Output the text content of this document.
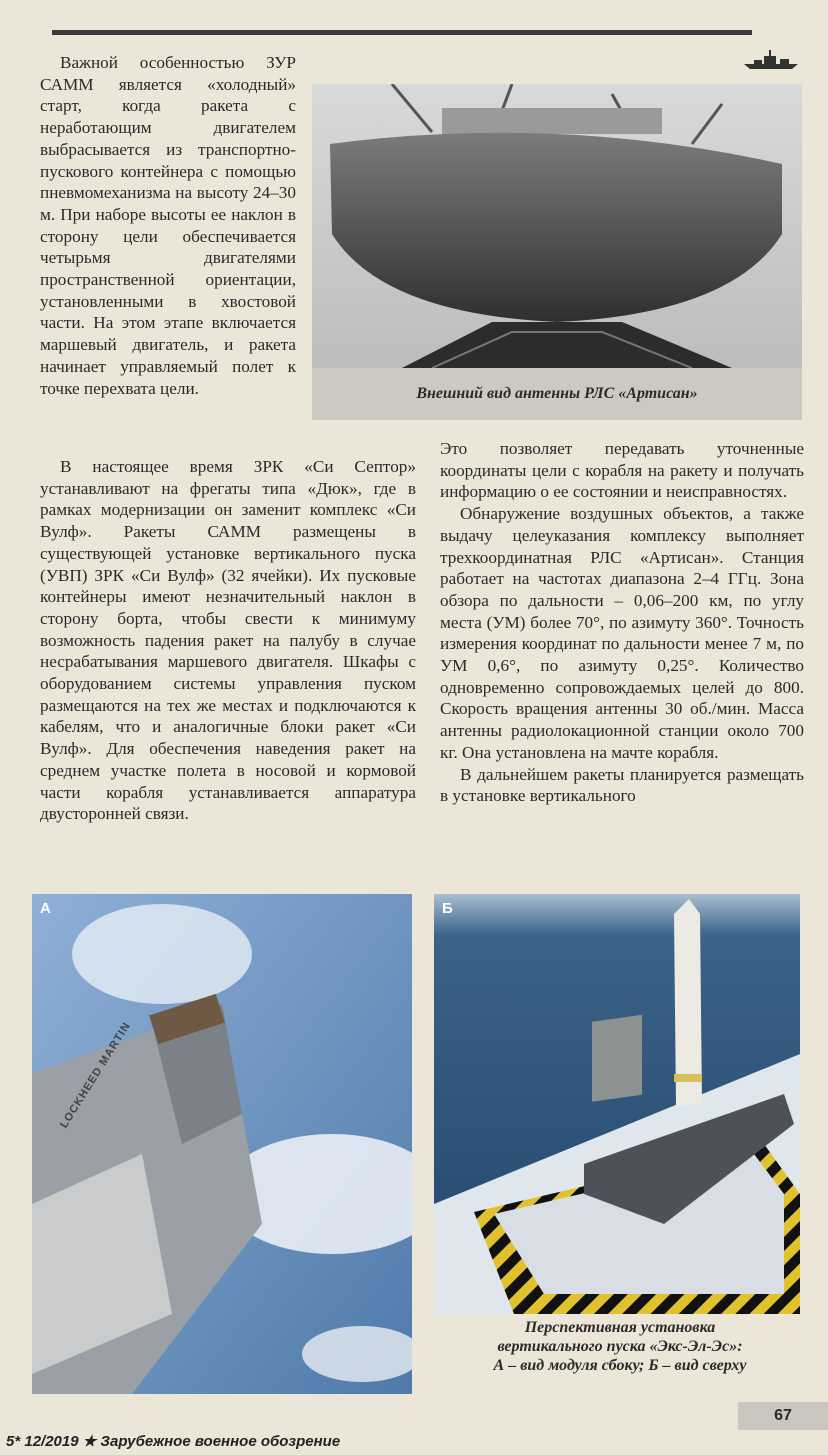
Важной особенностью ЗУР САММ является «холодный» старт, когда ракета с неработающим двигателем выбрасывается из транспортно-пускового контейнера с помощью пневмомеханизма на высоту 24–30 м. При наборе высоты ее наклон в сторону цели обеспечивается четырьмя двигателями пространственной ориентации, установленными в хвостовой части. На этом этапе включается маршевый двигатель, и ракета начинает управляемый полет к точке перехвата цели.	Внешний вид антенны РЛС «Артисан»

В настоящее время ЗРК «Си Септор» устанавливают на фрегаты типа «Дюк», где в рамках модернизации он заменит комплекс «Си Вулф». Ракеты САММ размещены в существующей установке вертикального пуска (УВП) ЗРК «Си Вулф» (32 ячейки). Их пусковые контейнеры имеют незначительный наклон в сторону борта, чтобы свести к минимуму возможность падения ракет на палубу в случае несрабатывания маршевого двигателя. Шкафы с оборудованием системы управления пуском размещаются на тех же местах и подключаются к кабелям, что и аналогичные блоки ракет «Си Вулф». Для обеспечения наведения ракет на среднем участке полета в носовой и кормовой части корабля устанавливается аппаратура двусторонней связи.

Это позволяет передавать уточненные координаты цели с корабля на ракету и получать информацию о ее состоянии и неисправностях.

Обнаружение воздушных объектов, а также выдачу целеуказания комплексу выполняет трехкоординатная РЛС «Артисан». Станция работает на частотах диапазона 2–4 ГГц. Зона обзора по дальности – 0,06–200 км, по углу места (УМ) более 70°, по азимуту 360°. Точность измерения координат по дальности менее 7 м, по УМ 0,6°, по азимуту 0,25°. Количество одновременно сопровождаемых целей до 800. Скорость вращения антенны 30 об./мин. Масса антенны радиолокационной станции около 700 кг. Она установлена на мачте корабля.

В дальнейшем ракеты планируется размещать в установке вертикального

А
LOCKHEED MARTIN
Б
Перспективная установка
вертикального пуска «Экс-Эл-Эс»:
А – вид модуля сбоку; Б – вид сверху
67
5* 12/2019 ★ Зарубежное военное обозрение
